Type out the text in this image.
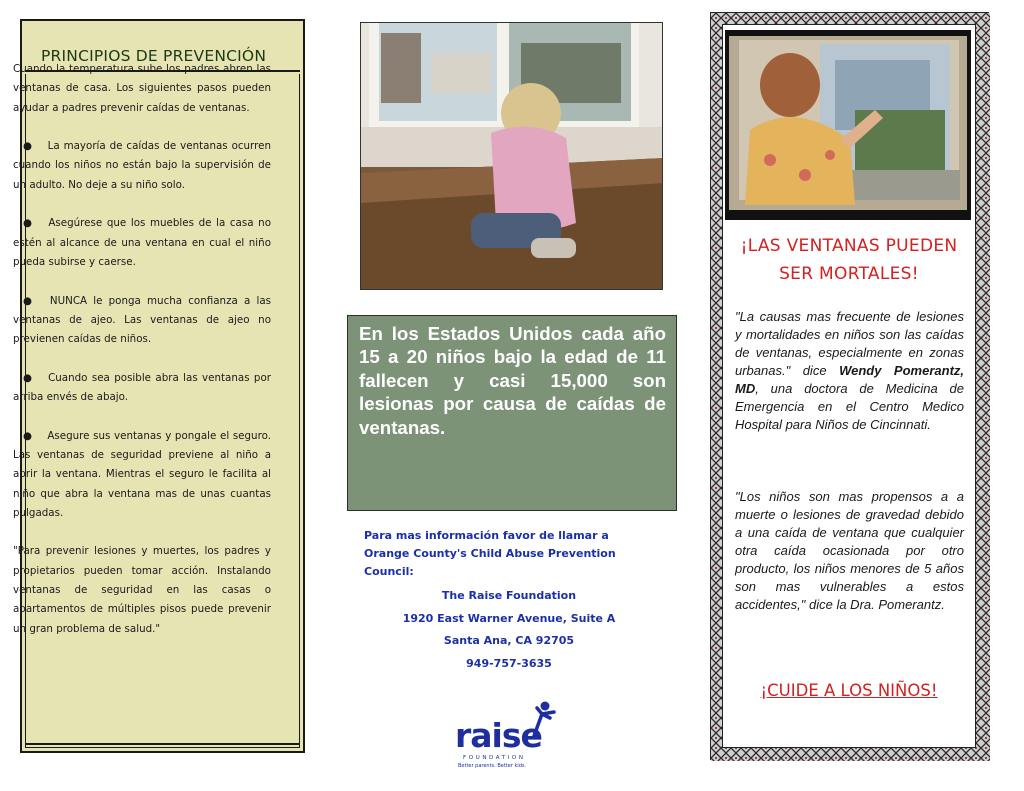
PRINCIPIOS DE PREVENCIÓN

Cuando la temperatura sube los padres abren las ventanas de casa. Los siguientes pasos pueden ayudar a padres prevenir caídas de ventanas.

● La mayoría de caídas de ventanas ocurren cuando los niños no están bajo la supervisión de un adulto. No deje a su niño solo.

● Asegúrese que los muebles de la casa no estén al alcance de una ventana en cual el niño pueda subirse y caerse.

● NUNCA le ponga mucha confianza a las ventanas de ajeo. Las ventanas de ajeo no previenen caídas de niños.

● Cuando sea posible abra las ventanas por arriba envés de abajo.

● Asegure sus ventanas y pongale el seguro. Las ventanas de seguridad previene al niño a abrir la ventana. Mientras el seguro le facilita al niño que abra la ventana mas de unas cuantas pulgadas.

"Para prevenir lesiones y muertes, los padres y propietarios pueden tomar acción. Instalando ventanas de seguridad en las casas o apartamentos de múltiples pisos puede prevenir un gran problema de salud."

En los Estados Unidos cada año 15 a 20 niños bajo la edad de 11 fallecen y casi 15,000 son lesionas por causa de caídas de ventanas.
Para mas información favor de llamar a Orange County's Child Abuse Prevention Council:
The Raise Foundation
1920 East Warner Avenue, Suite A
Santa Ana, CA 92705
949-757-3635
raise
FOUNDATION
Better parents. Better kids.
¡LAS VENTANAS PUEDEN SER MORTALES!
"La causas mas frecuente de lesiones y mortalidades en niños son las caídas de ventanas, especialmente en zonas urbanas." dice Wendy Pomerantz, MD, una doctora de Medicina de Emergencia en el Centro Medico Hospital para Niños de Cincinnati.
"Los niños son mas propensos a a muerte o lesiones de gravedad debido a una caída de ventana que cualquier otra caída ocasionada por otro producto, los niños menores de 5 años son mas vulnerables a estos accidentes," dice la Dra. Pomerantz.
¡CUIDE A LOS NIÑOS!
